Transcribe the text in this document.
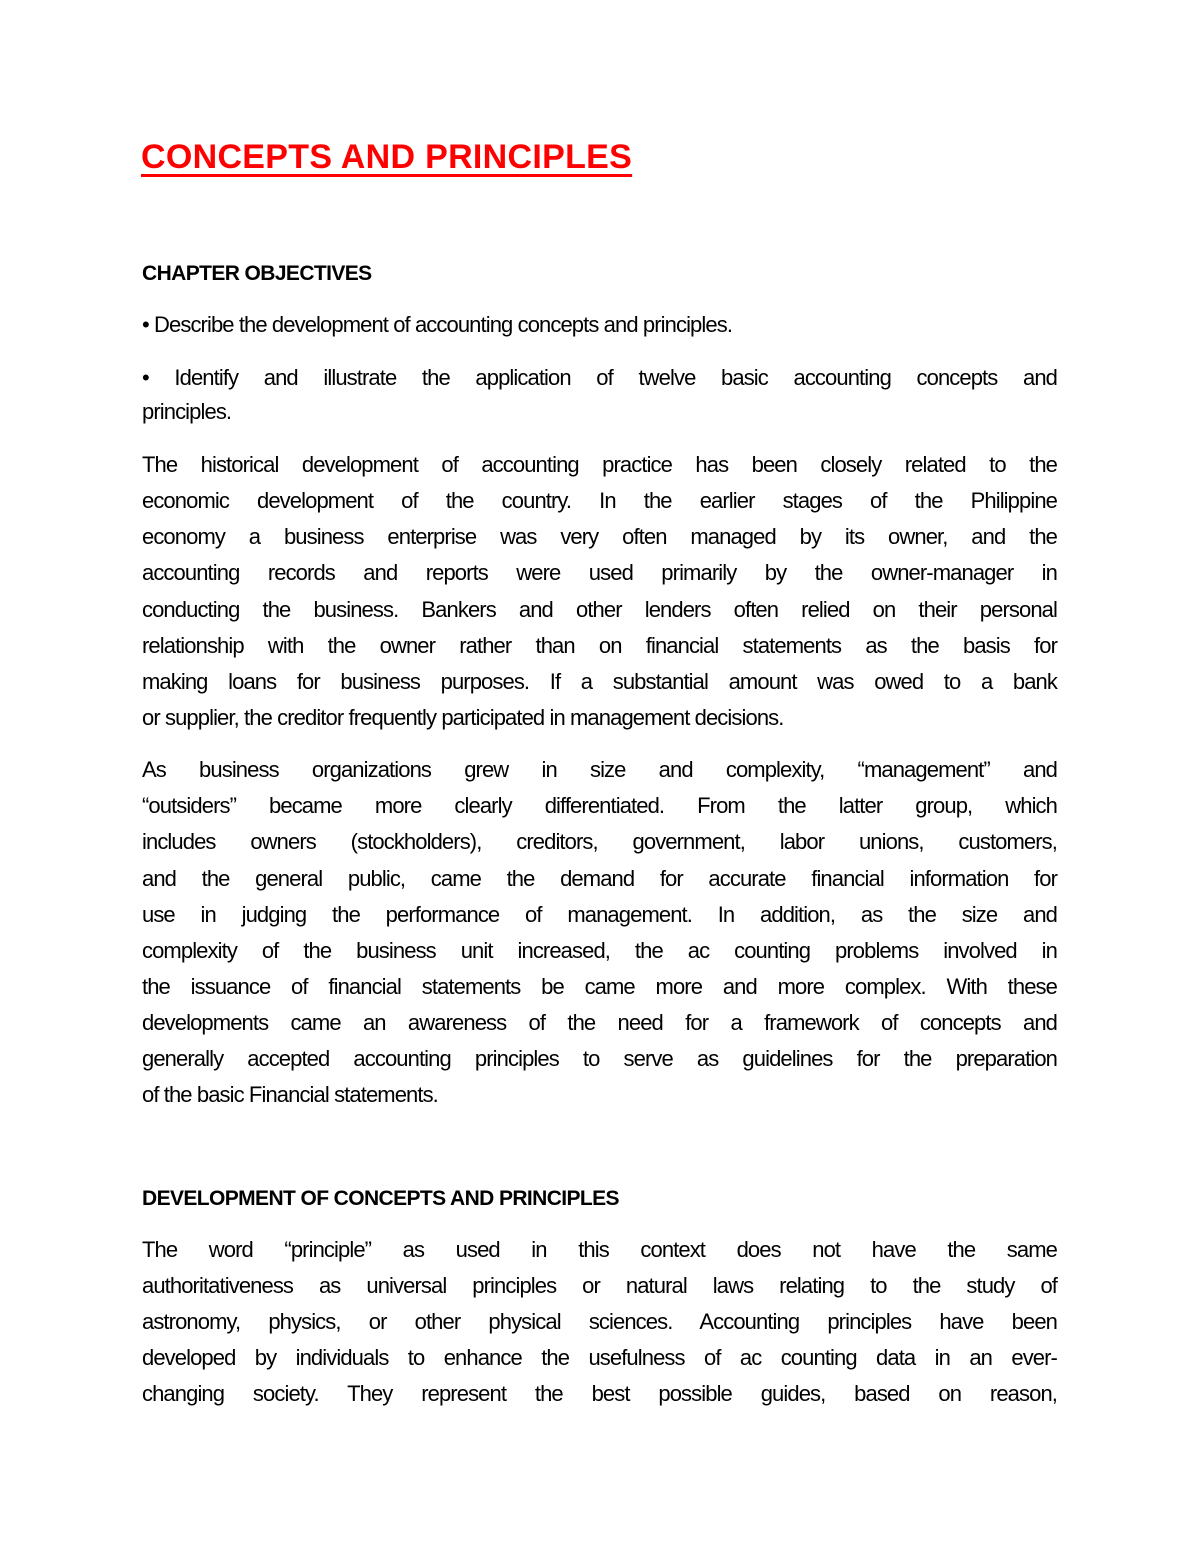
CONCEPTS AND PRINCIPLES
CHAPTER OBJECTIVES
• Describe the development of accounting concepts and principles.
• Identify and illustrate the application of twelve basic accounting concepts and
principles.
The historical development of accounting practice has been closely related to the
economic development of the country. In the earlier stages of the Philippine
economy a business enterprise was very often managed by its owner, and the
accounting records and reports were used primarily by the owner-manager in
conducting the business. Bankers and other lenders often relied on their personal
relationship with the owner rather than on financial statements as the basis for
making loans for business purposes. If a substantial amount was owed to a bank
or supplier, the creditor frequently participated in management decisions.
As business organizations grew in size and complexity, “management” and
“outsiders” became more clearly differentiated. From the latter group, which
includes owners (stockholders), creditors, government, labor unions, customers,
and the general public, came the demand for accurate financial information for
use in judging the performance of management. In addition, as the size and
complexity of the business unit increased, the ac counting problems involved in
the issuance of financial statements be came more and more complex. With these
developments came an awareness of the need for a framework of concepts and
generally accepted accounting principles to serve as guidelines for the preparation
of the basic Financial statements.
DEVELOPMENT OF CONCEPTS AND PRINCIPLES
The word “principle” as used in this context does not have the same
authoritativeness as universal principles or natural laws relating to the study of
astronomy, physics, or other physical sciences. Accounting principles have been
developed by individuals to enhance the usefulness of ac counting data in an ever-
changing society. They represent the best possible guides, based on reason,
